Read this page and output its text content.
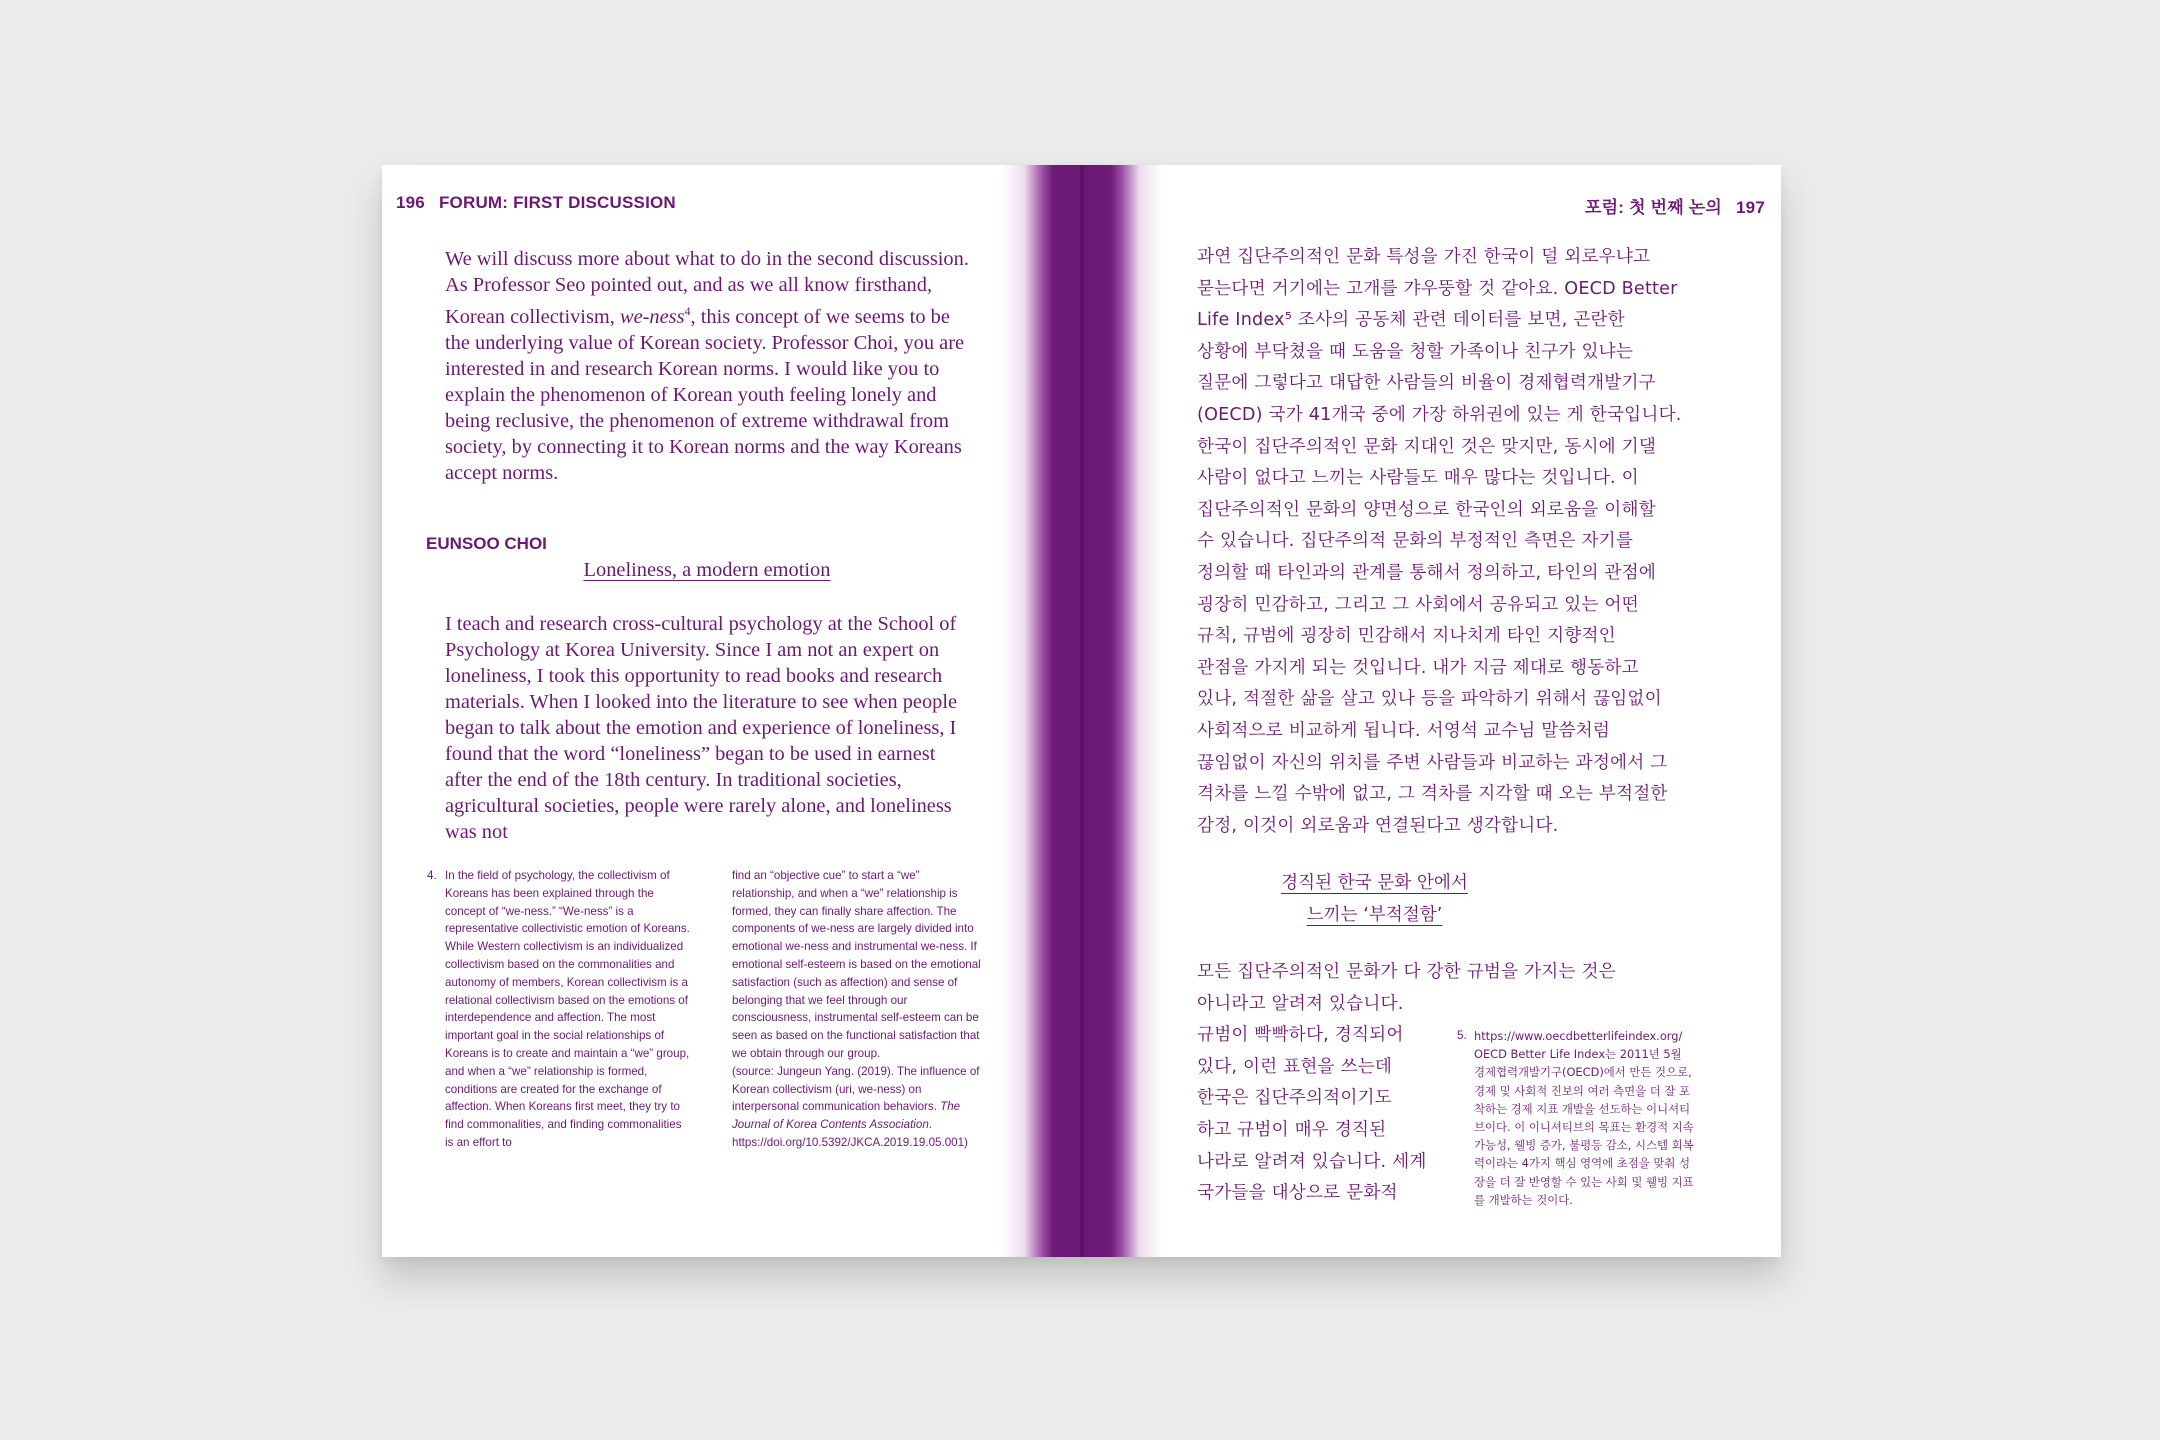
196 FORUM: FIRST DISCUSSION

We will discuss more about what to do in the second discussion. As Professor Seo pointed out, and as we all know firsthand, Korean collectivism, we-ness$^4$, this concept of we seems to be the underlying value of Korean society. Professor Choi, you are interested in and research Korean norms. I would like you to explain the phenomenon of Korean youth feeling lonely and being reclusive, the phenomenon of extreme withdrawal from society, by connecting it to Korean norms and the way Koreans accept norms.

EUNSOO CHOI
Loneliness, a modern emotion

I teach and research cross-cultural psychology at the School of Psychology at Korea University. Since I am not an expert on loneliness, I took this opportunity to read books and research materials. When I looked into the literature to see when people began to talk about the emotion and experience of loneliness, I found that the word “loneliness” began to be used in earnest after the end of the 18th century. In traditional societies, agricultural societies, people were rarely alone, and loneliness was not

4. In the field of psychology, the collectivism of Koreans has been explained through the concept of “we-ness.” “We-ness” is a representative collectivistic emotion of Koreans. While Western collectivism is an individualized collectivism based on the commonalities and autonomy of members, Korean collectivism is a relational collectivism based on the emotions of interdependence and affection. The most important goal in the social relationships of Koreans is to create and maintain a “we” group, and when a “we” relationship is formed, conditions are created for the exchange of affection. When Koreans first meet, they try to find commonalities, and finding commonalities is an effort to
find an “objective cue” to start a “we” relationship, and when a “we” relationship is formed, they can finally share affection. The components of we-ness are largely divided into emotional we-ness and instrumental we-ness. If emotional self-esteem is based on the emotional satisfaction (such as affection) and sense of belonging that we feel through our consciousness, instrumental self-esteem can be seen as based on the functional satisfaction that we obtain through our group.
(source: Jungeun Yang. (2019). The influence of Korean collectivism (uri, we-ness) on interpersonal communication behaviors. The Journal of Korea Contents Association. https://doi.org/10.5392/JKCA.2019.19.05.001)
포럼: 첫 번째 논의 197
과연 집단주의적인 문화 특성을 가진 한국이 덜 외로우냐고
묻는다면 거기에는 고개를 갸우뚱할 것 같아요. OECD Better
Life Index⁵ 조사의 공동체 관련 데이터를 보면, 곤란한
상황에 부닥쳤을 때 도움을 청할 가족이나 친구가 있냐는
질문에 그렇다고 대답한 사람들의 비율이 경제협력개발기구
(OECD) 국가 41개국 중에 가장 하위권에 있는 게 한국입니다.
한국이 집단주의적인 문화 지대인 것은 맞지만, 동시에 기댈
사람이 없다고 느끼는 사람들도 매우 많다는 것입니다. 이
집단주의적인 문화의 양면성으로 한국인의 외로움을 이해할
수 있습니다. 집단주의적 문화의 부정적인 측면은 자기를
정의할 때 타인과의 관계를 통해서 정의하고, 타인의 관점에
굉장히 민감하고, 그리고 그 사회에서 공유되고 있는 어떤
규칙, 규범에 굉장히 민감해서 지나치게 타인 지향적인
관점을 가지게 되는 것입니다. 내가 지금 제대로 행동하고
있나, 적절한 삶을 살고 있나 등을 파악하기 위해서 끊임없이
사회적으로 비교하게 됩니다. 서영석 교수님 말씀처럼
끊임없이 자신의 위치를 주변 사람들과 비교하는 과정에서 그
격차를 느낄 수밖에 없고, 그 격차를 지각할 때 오는 부적절한
감정, 이것이 외로움과 연결된다고 생각합니다.
경직된 한국 문화 안에서
느끼는 ‘부적절함’
모든 집단주의적인 문화가 다 강한 규범을 가지는 것은
아니라고 알려져 있습니다.
규범이 빡빡하다, 경직되어
있다, 이런 표현을 쓰는데
한국은 집단주의적이기도
하고 규범이 매우 경직된
나라로 알려져 있습니다. 세계
국가들을 대상으로 문화적
5. https://www.oecdbetterlifeindex.org/ OECD Better Life Index는 2011년 5월 경제협력개발기구(OECD)에서 만든 것으로, 경제 및 사회적 진보의 여러 측면을 더 잘 포착하는 경제 지표 개발을 선도하는 이니셔티브이다. 이 이니셔티브의 목표는 환경적 지속 가능성, 웰빙 증가, 불평등 감소, 시스템 회복력이라는 4가지 핵심 영역에 초점을 맞춰 성장을 더 잘 반영할 수 있는 사회 및 웰빙 지표를 개발하는 것이다.
